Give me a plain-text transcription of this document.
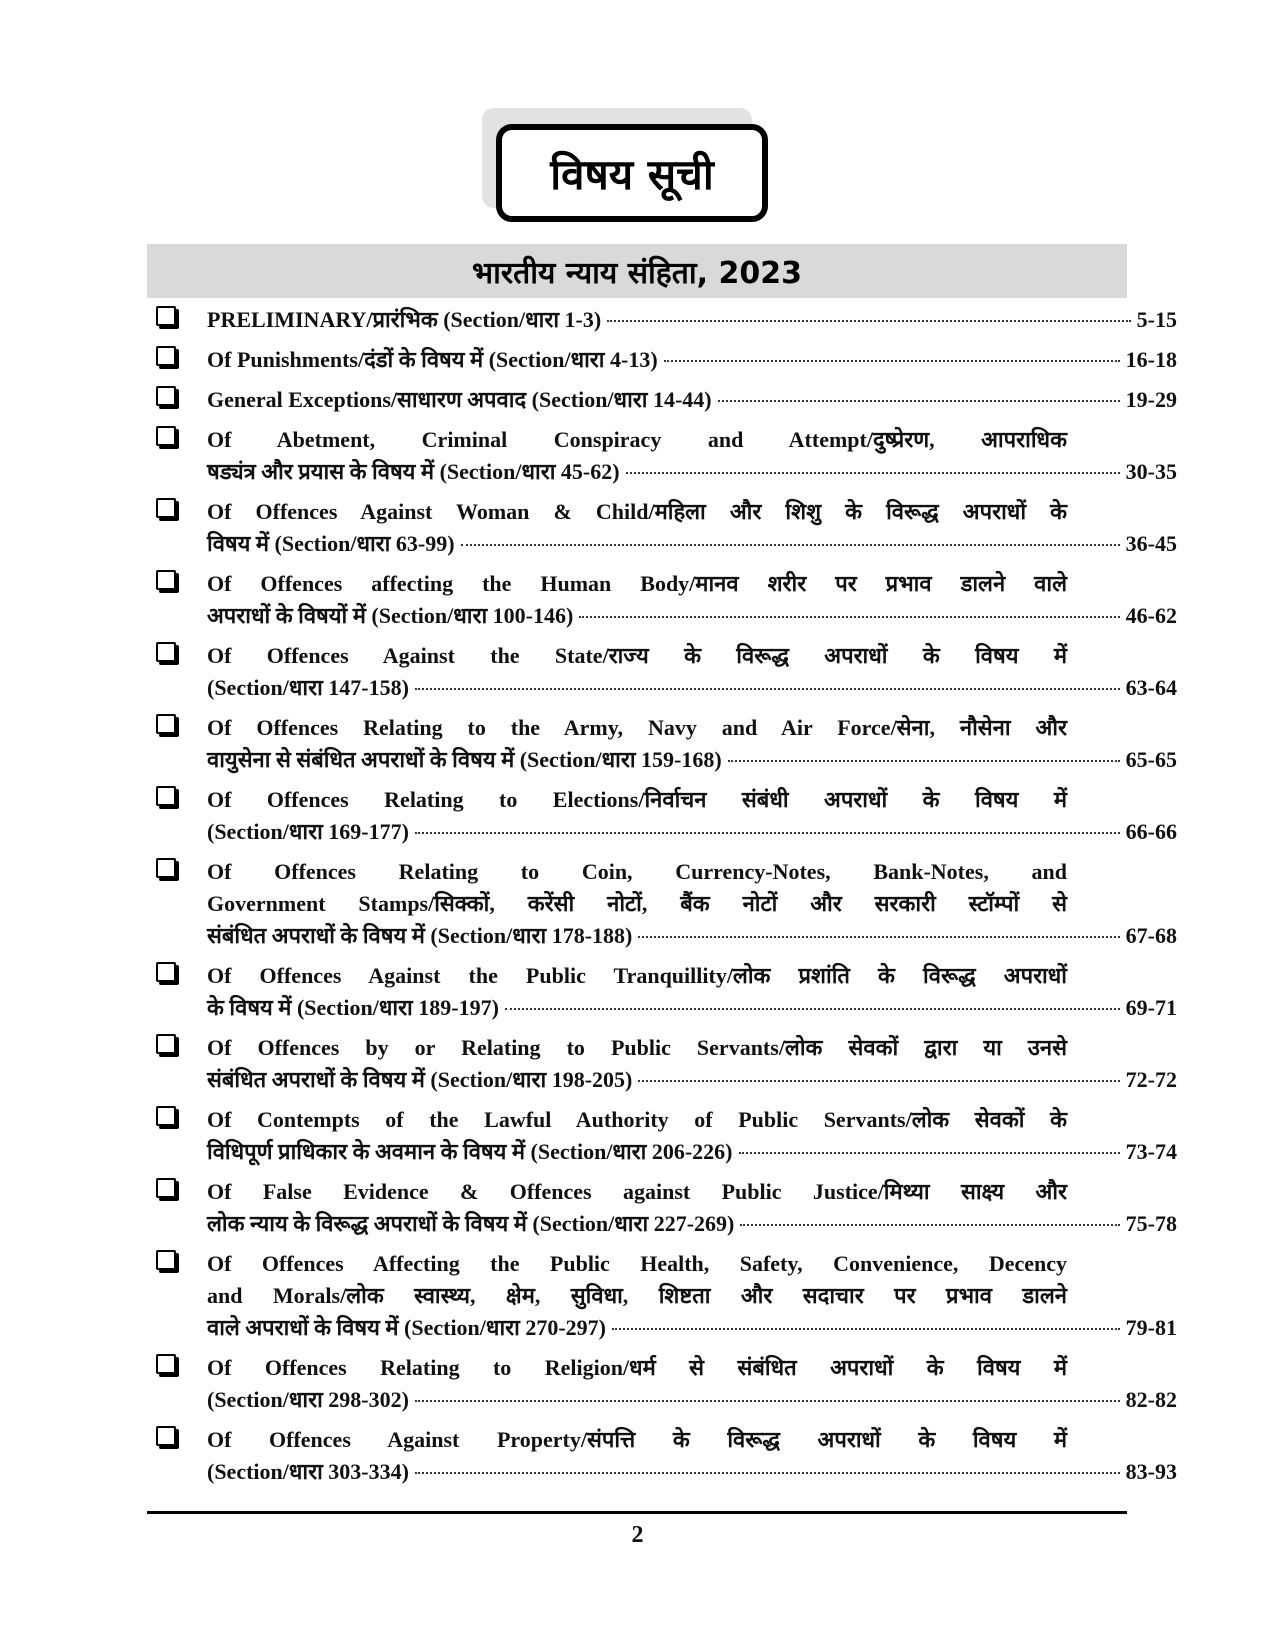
विषय सूची
भारतीय न्याय संहिता, 2023
PRELIMINARY/प्रारंभिक (Section/धारा 1-3)	5-15
Of Punishments/दंडों के विषय में (Section/धारा 4-13)	16-18
General Exceptions/साधारण अपवाद (Section/धारा 14-44)	19-29
Of Abetment, Criminal Conspiracy and Attempt/दुष्प्रेरण, आपराधिक
षड्यंत्र और प्रयास के विषय में (Section/धारा 45-62)	30-35
Of Offences Against Woman & Child/महिला और शिशु के विरूद्ध अपराधों के
विषय में (Section/धारा 63-99)	36-45
Of Offences affecting the Human Body/मानव शरीर पर प्रभाव डालने वाले
अपराधों के विषयों में (Section/धारा 100-146)	46-62
Of Offences Against the State/राज्य के विरूद्ध अपराधों के विषय में
(Section/धारा 147-158)	63-64
Of Offences Relating to the Army, Navy and Air Force/सेना, नौसेना और
वायुसेना से संबंधित अपराधों के विषय में (Section/धारा 159-168)	65-65
Of Offences Relating to Elections/निर्वाचन संबंधी अपराधों के विषय में
(Section/धारा 169-177)	66-66
Of Offences Relating to Coin, Currency-Notes, Bank-Notes, and
Government Stamps/सिक्कों, करेंसी नोटों, बैंक नोटों और सरकारी स्टॉम्पों से
संबंधित अपराधों के विषय में (Section/धारा 178-188)	67-68
Of Offences Against the Public Tranquillity/लोक प्रशांति के विरूद्ध अपराधों
के विषय में (Section/धारा 189-197)	69-71
Of Offences by or Relating to Public Servants/लोक सेवकों द्वारा या उनसे
संबंधित अपराधों के विषय में (Section/धारा 198-205)	72-72
Of Contempts of the Lawful Authority of Public Servants/लोक सेवकों के
विधिपूर्ण प्राधिकार के अवमान के विषय में (Section/धारा 206-226)	73-74
Of False Evidence & Offences against Public Justice/मिथ्या साक्ष्य और
लोक न्याय के विरूद्ध अपराधों के विषय में (Section/धारा 227-269)	75-78
Of Offences Affecting the Public Health, Safety, Convenience, Decency
and Morals/लोक स्वास्थ्य, क्षेम, सुविधा, शिष्टता और सदाचार पर प्रभाव डालने
वाले अपराधों के विषय में (Section/धारा 270-297)	79-81
Of Offences Relating to Religion/धर्म से संबंधित अपराधों के विषय में
(Section/धारा 298-302)	82-82
Of Offences Against Property/संपत्ति के विरूद्ध अपराधों के विषय में
(Section/धारा 303-334)	83-93
2
